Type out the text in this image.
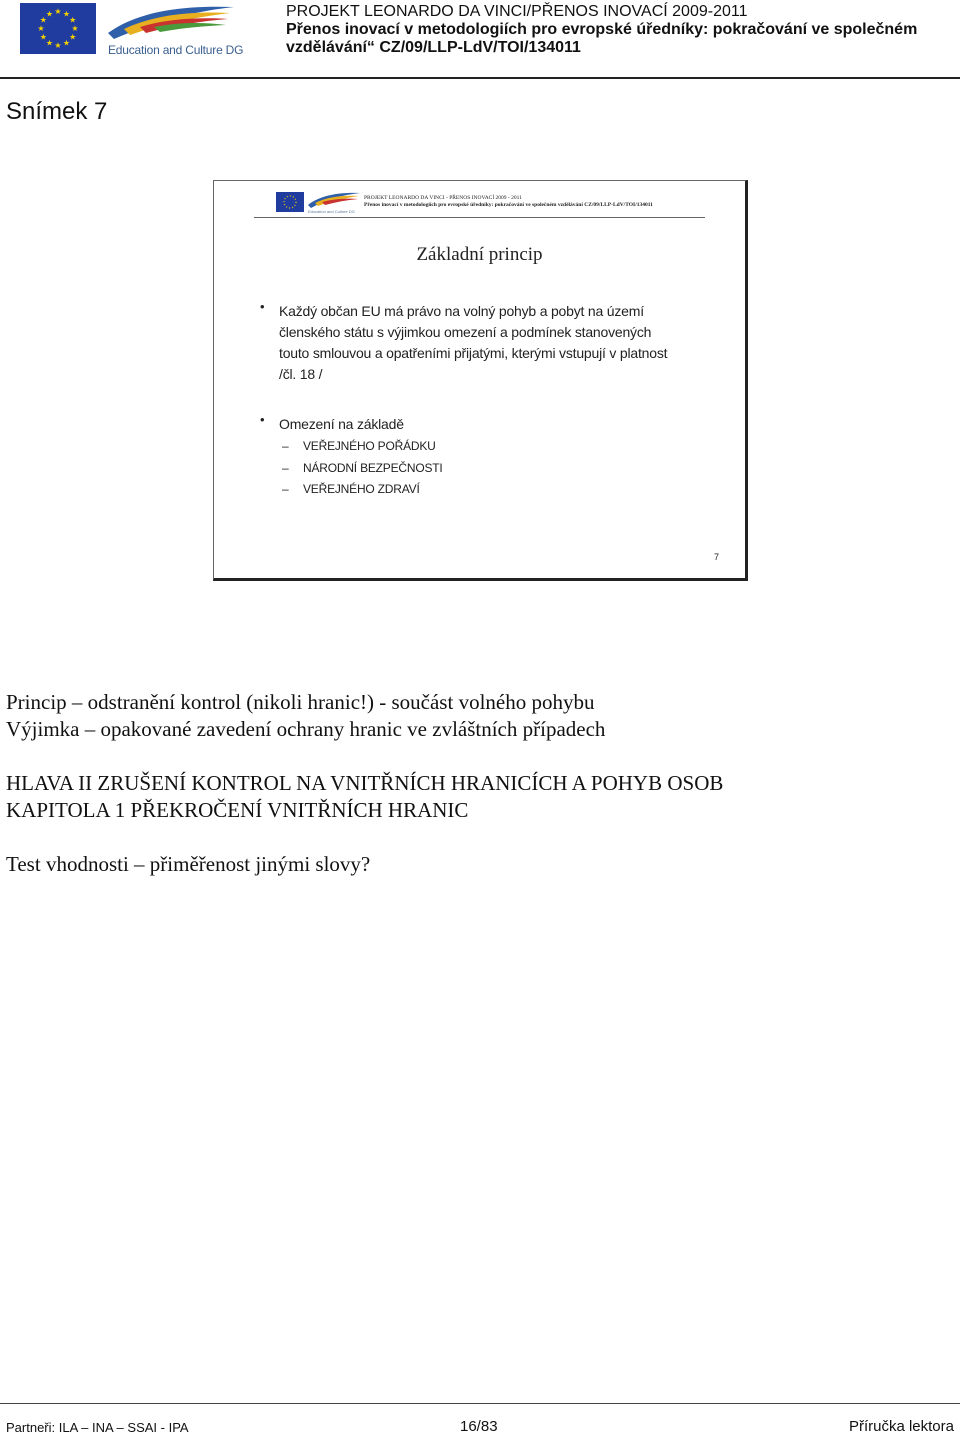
★ ★
★
★
★
★
★
★
★
★
★
★
Education and Culture DG
PROJEKT LEONARDO DA VINCI/PŘENOS INOVACÍ 2009-2011
Přenos inovací v metodologiích pro evropské úředníky: pokračování ve společném
vzdělávání“ CZ/09/LLP-LdV/TOI/134011
Snímek 7
Education and Culture DG
PROJEKT LEONARDO DA VINCI - PŘENOS INOVACÍ 2009 - 2011
Přenos inovací v metodologiích pro evropské úředníky: pokračování ve společném vzdělávání CZ/09/LLP-LdV/TOI/134011
Základní princip
• Každý občan EU má právo na volný pohyb a pobyt na území
členského státu s výjimkou omezení a podmínek stanovených
touto smlouvou a opatřeními přijatými, kterými vstupují v platnost
/čl. 18 /
• Omezení na základě
– VEŘEJNÉHO POŘÁDKU
– NÁRODNÍ BEZPEČNOSTI
– VEŘEJNÉHO ZDRAVÍ
7
Princip – odstranění kontrol (nikoli hranic!) - součást volného pohybu
Výjimka – opakované zavedení ochrany hranic ve zvláštních případech
HLAVA II ZRUŠENÍ KONTROL NA VNITŘNÍCH HRANICÍCH A POHYB OSOB
KAPITOLA 1 PŘEKROČENÍ VNITŘNÍCH HRANIC
Test vhodnosti – přiměřenost jinými slovy?
Partneři: ILA – INA – SSAI - IPA	16/83	Příručka lektora
